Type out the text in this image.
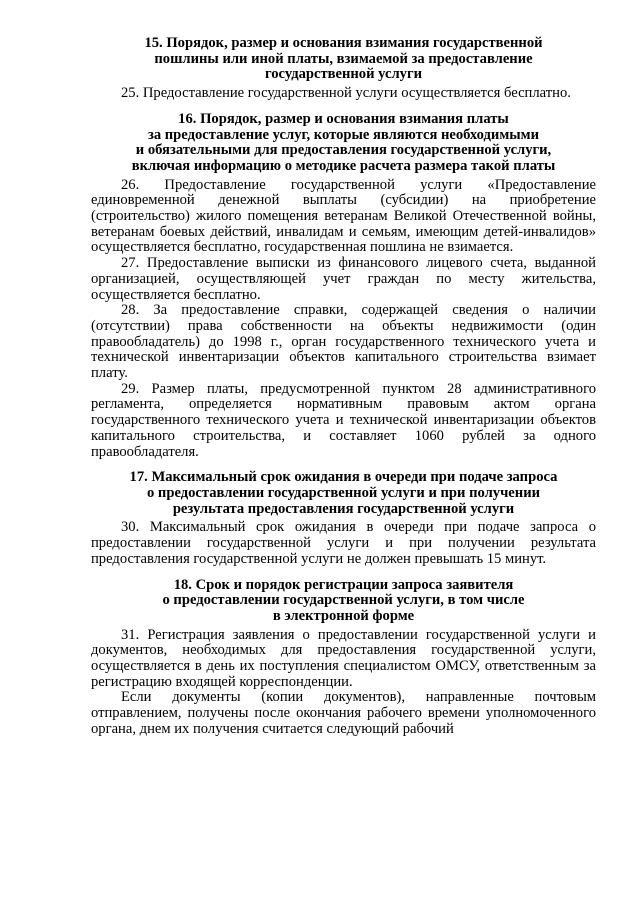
15. Порядок, размер и основания взимания государственной
пошлины или иной платы, взимаемой за предоставление
государственной услуги

25. Предоставление государственной услуги осуществляется бесплатно.

16. Порядок, размер и основания взимания платы
за предоставление услуг, которые являются необходимыми
и обязательными для предоставления государственной услуги,
включая информацию о методике расчета размера такой платы

26. Предоставление государственной услуги «Предоставление единовременной денежной выплаты (субсидии) на приобретение (строительство) жилого помещения ветеранам Великой Отечественной войны, ветеранам боевых действий, инвалидам и семьям, имеющим детей-инвалидов» осуществляется бесплатно, государственная пошлина не взимается.

27. Предоставление выписки из финансового лицевого счета, выданной организацией, осуществляющей учет граждан по месту жительства, осуществляется бесплатно.

28. За предоставление справки, содержащей сведения о наличии (отсутствии) права собственности на объекты недвижимости (один правообладатель) до 1998 г., орган государственного технического учета и технической инвентаризации объектов капитального строительства взимает плату.

29. Размер платы, предусмотренной пунктом 28 административного регламента, определяется нормативным правовым актом органа государственного технического учета и технической инвентаризации объектов капитального строительства, и составляет 1060 рублей за одного правообладателя.

17. Максимальный срок ожидания в очереди при подаче запроса
о предоставлении государственной услуги и при получении
результата предоставления государственной услуги

30. Максимальный срок ожидания в очереди при подаче запроса о предоставлении государственной услуги и при получении результата предоставления государственной услуги не должен превышать 15 минут.

18. Срок и порядок регистрации запроса заявителя
о предоставлении государственной услуги, в том числе
в электронной форме

31. Регистрация заявления о предоставлении государственной услуги и документов, необходимых для предоставления государственной услуги, осуществляется в день их поступления специалистом ОМСУ, ответственным за регистрацию входящей корреспонденции.

Если документы (копии документов), направленные почтовым отправлением, получены после окончания рабочего времени уполномоченного органа, днем их получения считается следующий рабочий
